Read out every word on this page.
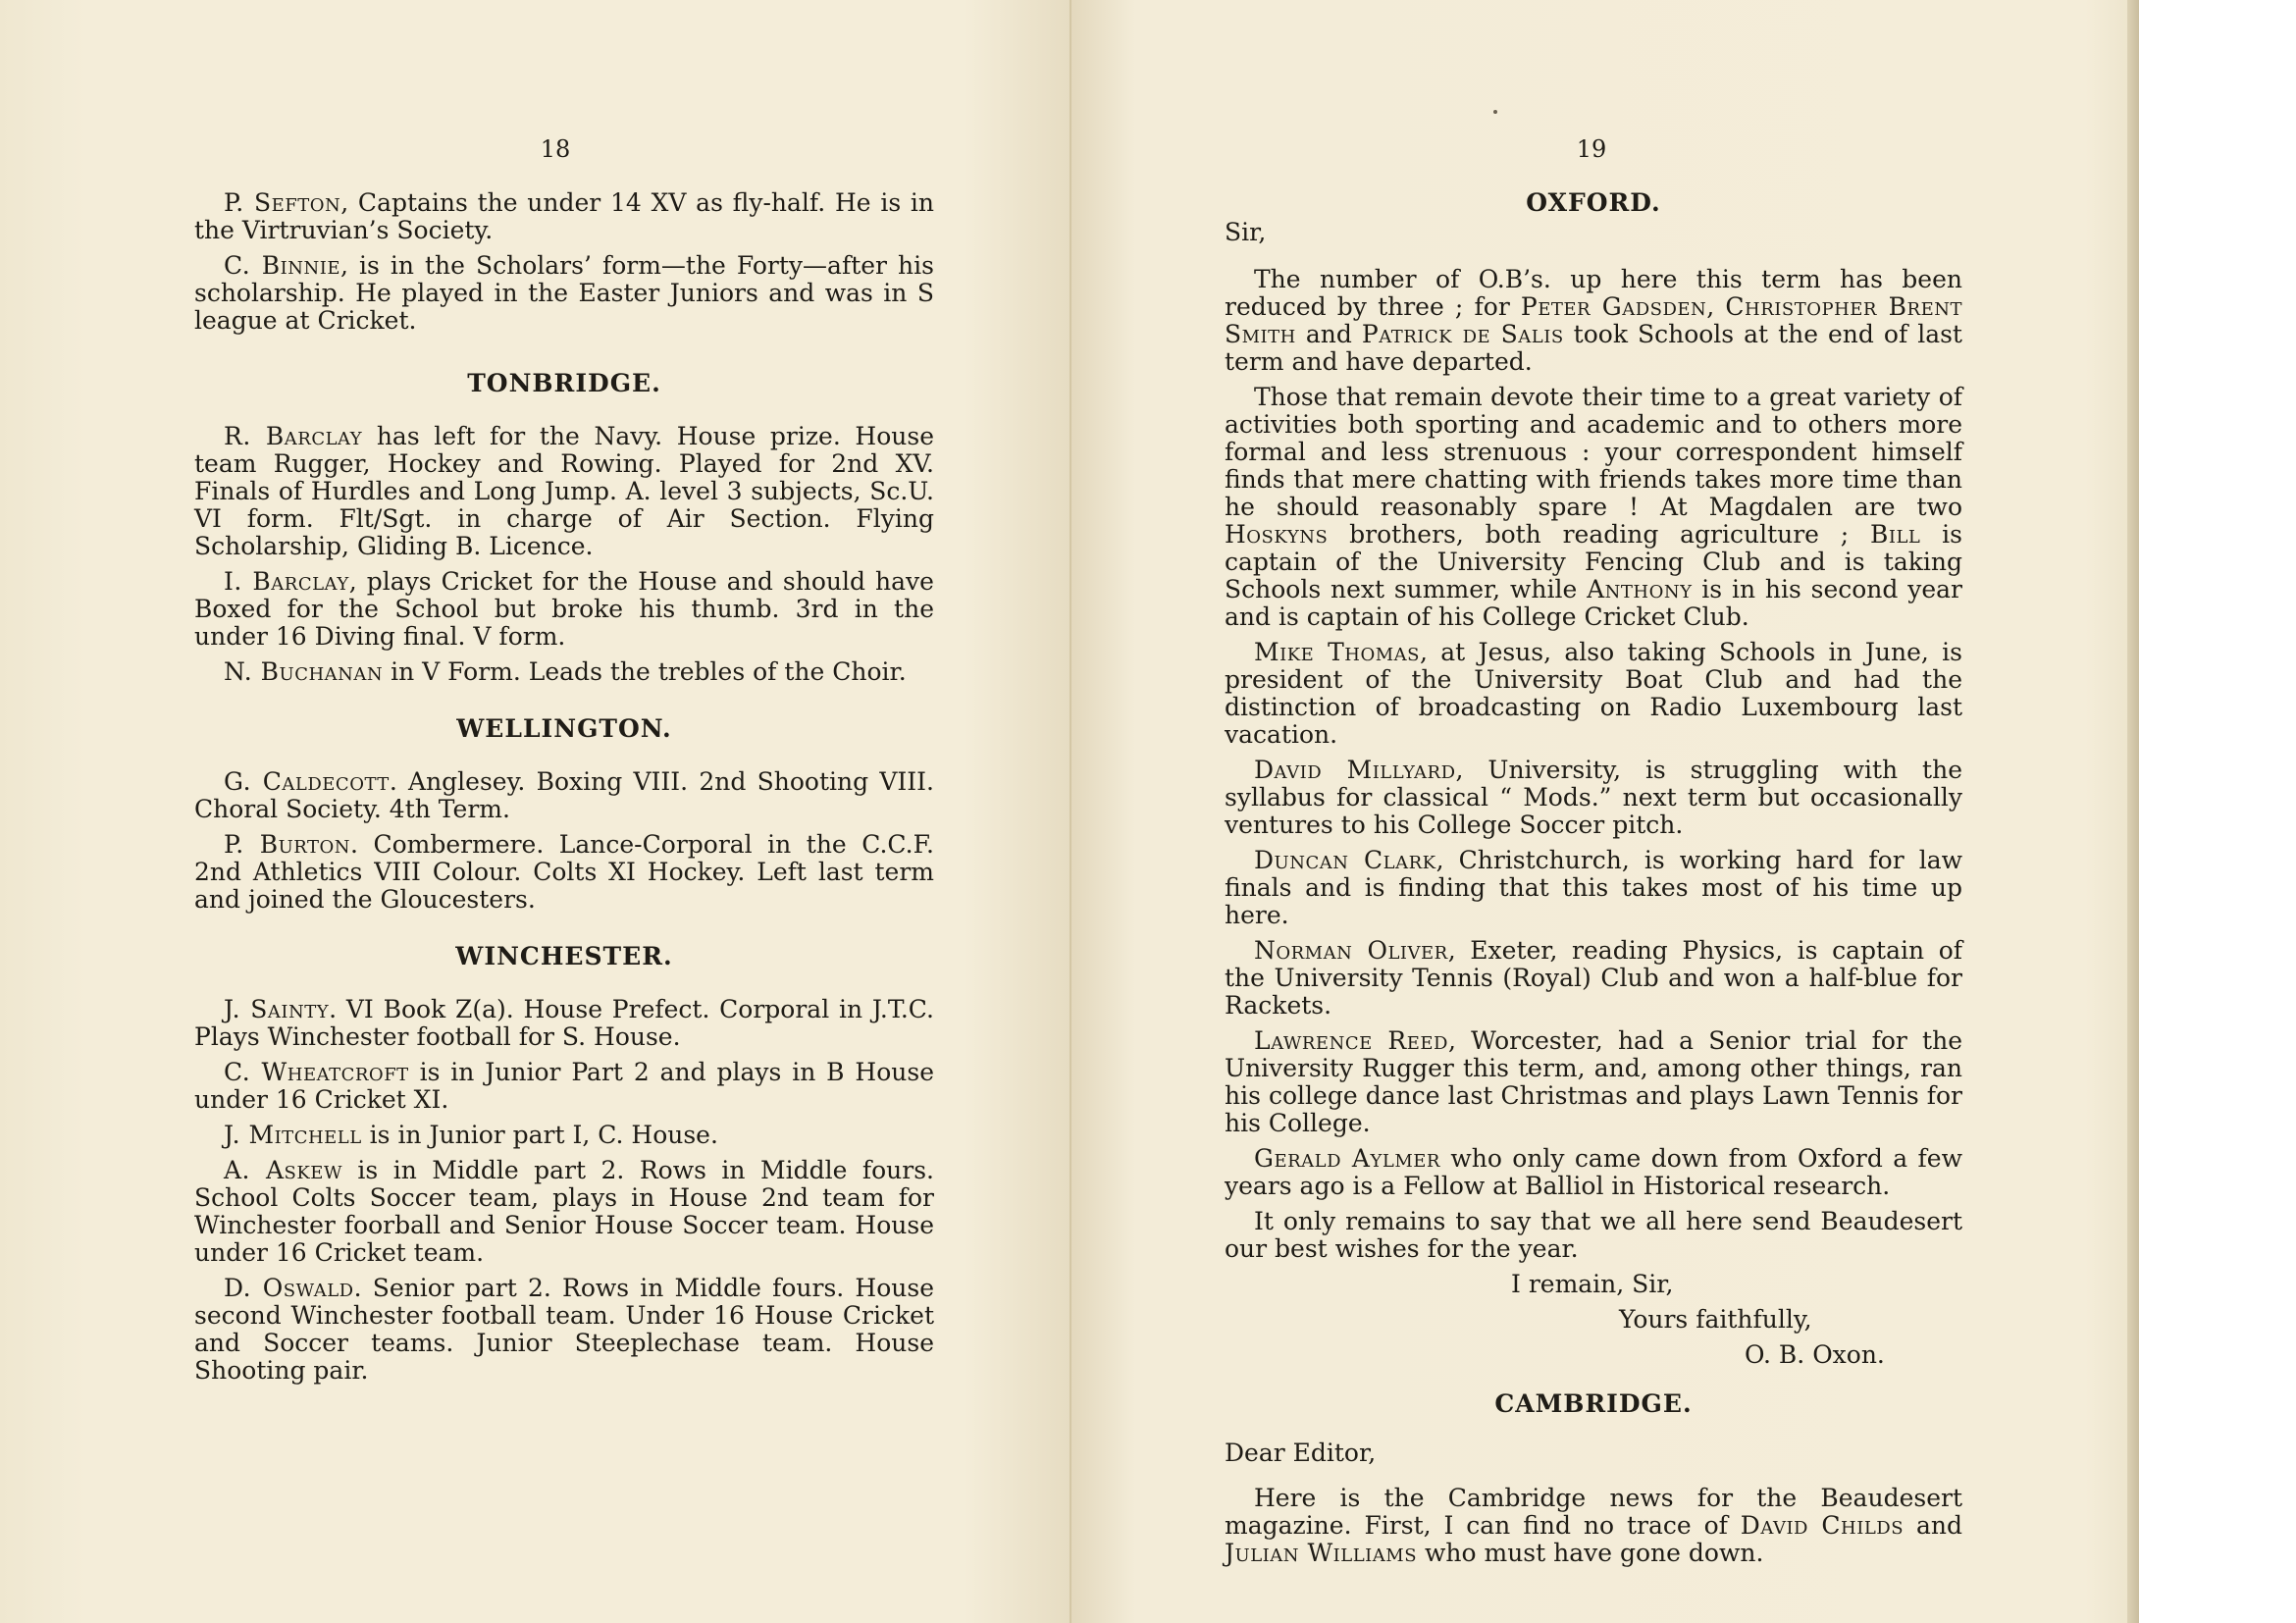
18

P. Sefton, Captains the under 14 XV as fly-half. He is in the Virtruvian’s Society.

C. Binnie, is in the Scholars’ form—the Forty—after his scholarship. He played in the Easter Juniors and was in S league at Cricket.

TONBRIDGE.

R. Barclay has left for the Navy. House prize. House team Rugger, Hockey and Rowing. Played for 2nd XV. Finals of Hurdles and Long Jump. A. level 3 subjects, Sc.U. VI form. Flt/Sgt. in charge of Air Section. Flying Scholarship, Gliding B. Licence.

I. Barclay, plays Cricket for the House and should have Boxed for the School but broke his thumb. 3rd in the under 16 Diving final. V form.

N. Buchanan in V Form. Leads the trebles of the Choir.

WELLINGTON.

G. Caldecott. Anglesey. Boxing VIII. 2nd Shooting VIII. Choral Society. 4th Term.

P. Burton. Combermere. Lance-Corporal in the C.C.F. 2nd Athletics VIII Colour. Colts XI Hockey. Left last term and joined the Gloucesters.

WINCHESTER.

J. Sainty. VI Book Z(a). House Prefect. Corporal in J.T.C. Plays Winchester football for S. House.

C. Wheatcroft is in Junior Part 2 and plays in B House under 16 Cricket XI.

J. Mitchell is in Junior part I, C. House.

A. Askew is in Middle part 2. Rows in Middle fours. School Colts Soccer team, plays in House 2nd team for Winchester foorball and Senior House Soccer team. House under 16 Cricket team.

D. Oswald. Senior part 2. Rows in Middle fours. House second Winchester football team. Under 16 House Cricket and Soccer teams. Junior Steeplechase team. House Shooting pair.

19
OXFORD.

Sir,

The number of O.B’s. up here this term has been reduced by three ; for Peter Gadsden, Christopher Brent Smith and Patrick de Salis took Schools at the end of last term and have departed.

Those that remain devote their time to a great variety of activities both sporting and academic and to others more formal and less strenuous : your correspondent himself finds that mere chatting with friends takes more time than he should reasonably spare ! At Magdalen are two Hoskyns brothers, both reading agriculture ; Bill is captain of the University Fencing Club and is taking Schools next summer, while Anthony is in his second year and is captain of his College Cricket Club.

Mike Thomas, at Jesus, also taking Schools in June, is president of the University Boat Club and had the distinction of broadcasting on Radio Luxembourg last vacation.

David Millyard, University, is struggling with the syllabus for classical “ Mods.” next term but occasionally ventures to his College Soccer pitch.

Duncan Clark, Christchurch, is working hard for law finals and is finding that this takes most of his time up here.

Norman Oliver, Exeter, reading Physics, is captain of the University Tennis (Royal) Club and won a half-blue for Rackets.

Lawrence Reed, Worcester, had a Senior trial for the University Rugger this term, and, among other things, ran his college dance last Christmas and plays Lawn Tennis for his College.

Gerald Aylmer who only came down from Oxford a few years ago is a Fellow at Balliol in Historical research.

It only remains to say that we all here send Beaudesert our best wishes for the year.

I remain, Sir,

Yours faithfully,

O. B. Oxon.

CAMBRIDGE.

Dear Editor,

Here is the Cambridge news for the Beaudesert magazine. First, I can find no trace of David Childs and Julian Williams who must have gone down.
